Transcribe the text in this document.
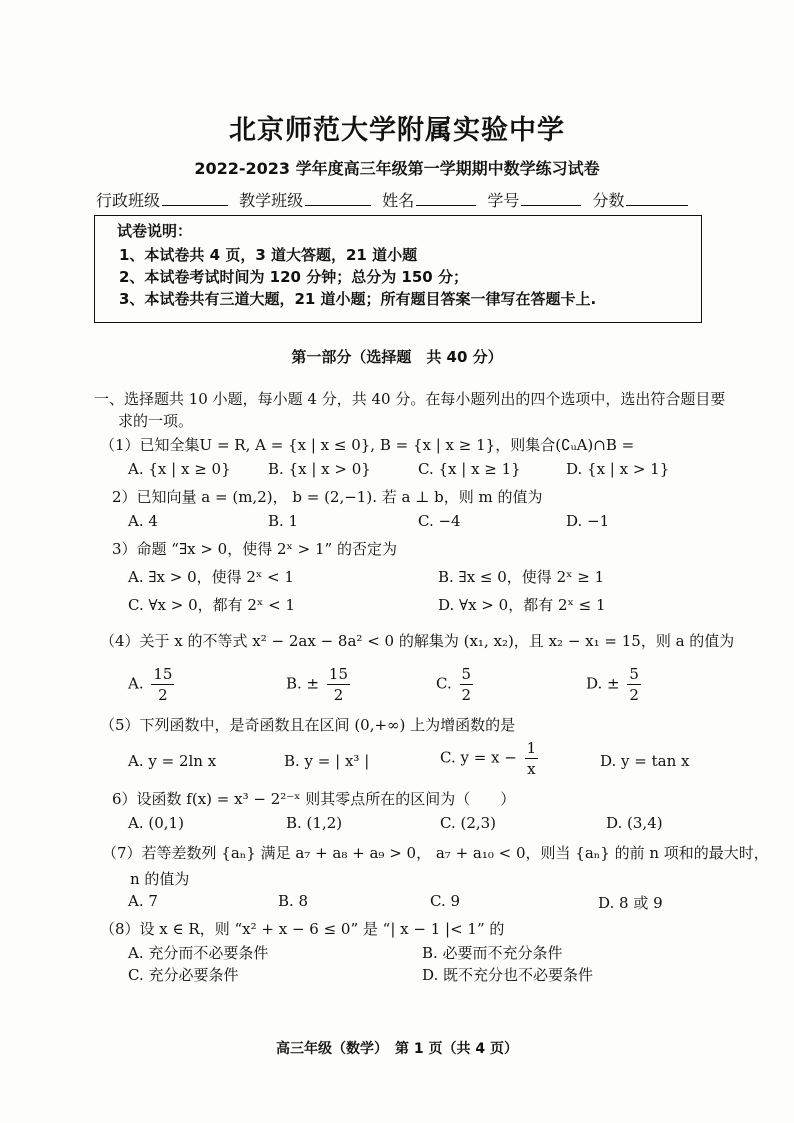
北京师范大学附属实验中学
2022-2023 学年度高三年级第一学期期中数学练习试卷
行政班级	教学班级	姓名	学号	分数
试卷说明：
1、本试卷共 4 页，3 道大答题，21 道小题
2、本试卷考试时间为 120 分钟；总分为 150 分；
3、本试卷共有三道大题，21 道小题；所有题目答案一律写在答题卡上.
第一部分（选择题　共 40 分）
一、选择题共 10 小题，每小题 4 分，共 40 分。在每小题列出的四个选项中，选出符合题目要
求的一项。
（1）已知全集U = R, A = {x | x ≤ 0}, B = {x | x ≥ 1}，则集合(∁ᵤA)∩B =
A. {x | x ≥ 0} B. {x | x > 0}	C. {x | x ≥ 1}	D. {x | x > 1}
2）已知向量 a = (m,2)， b = (2,−1). 若 a ⊥ b，则 m 的值为
A. 4	B. 1	C. −4	D. −1
3）命题 “∃x > 0，使得 2ˣ > 1” 的否定为
A. ∃x > 0，使得 2ˣ < 1	B. ∃x ≤ 0，使得 2ˣ ≥ 1
C. ∀x > 0，都有 2ˣ < 1	D. ∀x > 0，都有 2ˣ ≤ 1
（4）关于 x 的不等式 x² − 2ax − 8a² < 0 的解集为 (x₁, x₂)，且 x₂ − x₁ = 15，则 a 的值为
A. $\frac{15}{2}$	B. ± $\frac{15}{2}$	C. $\frac{5}{2}$	D. ± $\frac{5}{2}$
（5）下列函数中，是奇函数且在区间 (0,+∞) 上为增函数的是
A. y = 2ln x	B. y = | x³ |	C. $y = x - \frac{1}{x}$	D. y = tan x
6）设函数 f(x) = x³ − 2²⁻ˣ 则其零点所在的区间为（　　）
A. (0,1)	B. (1,2)	C. (2,3)	D. (3,4)
（7）若等差数列 {aₙ} 满足 a₇ + a₈ + a₉ > 0， a₇ + a₁₀ < 0，则当 {aₙ} 的前 n 项和的最大时，
n 的值为
A. 7	B. 8	C. 9	D. 8 或 9
（8）设 x ∈ R，则 “x² + x − 6 ≤ 0” 是 “| x − 1 |< 1” 的
A. 充分而不必要条件	B. 必要而不充分条件
C. 充分必要条件	D. 既不充分也不必要条件
高三年级（数学）　第 1 页（共 4 页）
